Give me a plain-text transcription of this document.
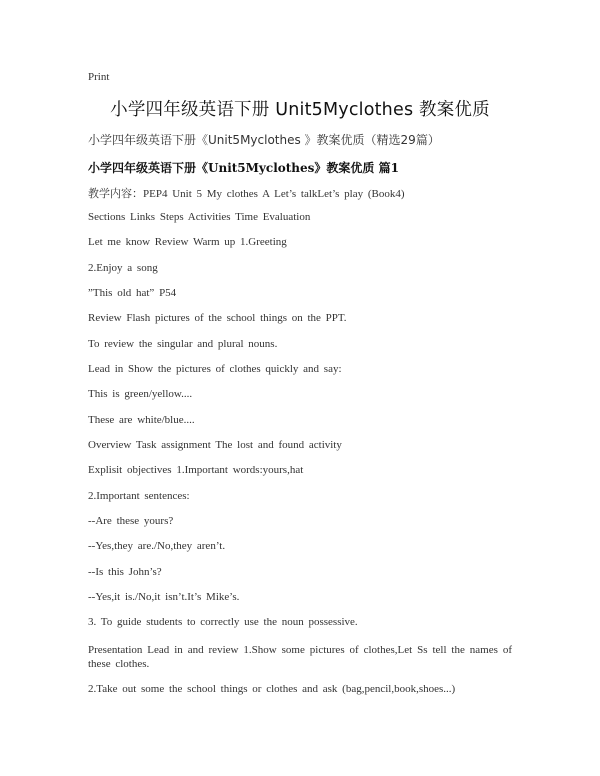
Print
小学四年级英语下册 Unit5Myclothes 教案优质
小学四年级英语下册《Unit5Myclothes 》教案优质（精选29篇）
小学四年级英语下册《Unit5Myclothes》教案优质 篇1
教学内容：PEP4 Unit 5 My clothes A Let’s talkLet’s play (Book4)
Sections Links Steps Activities Time Evaluation
Let me know Review Warm up 1.Greeting
2.Enjoy a song
”This old hat” P54
Review Flash pictures of the school things on the PPT.
To review the singular and plural nouns.
Lead in Show the pictures of clothes quickly and say:
This is green/yellow....
These are white/blue....
Overview Task assignment The lost and found activity
Explisit objectives 1.Important words:yours,hat
2.Important sentences:
--Are these yours?
--Yes,they are./No,they aren’t.
--Is this John’s?
--Yes,it is./No,it isn’t.It’s Mike’s.
3. To guide students to correctly use the noun possessive.
Presentation Lead in and review 1.Show some pictures of clothes,Let Ss tell the names of these clothes.
2.Take out some the school things or clothes and ask (bag,pencil,book,shoes...)
